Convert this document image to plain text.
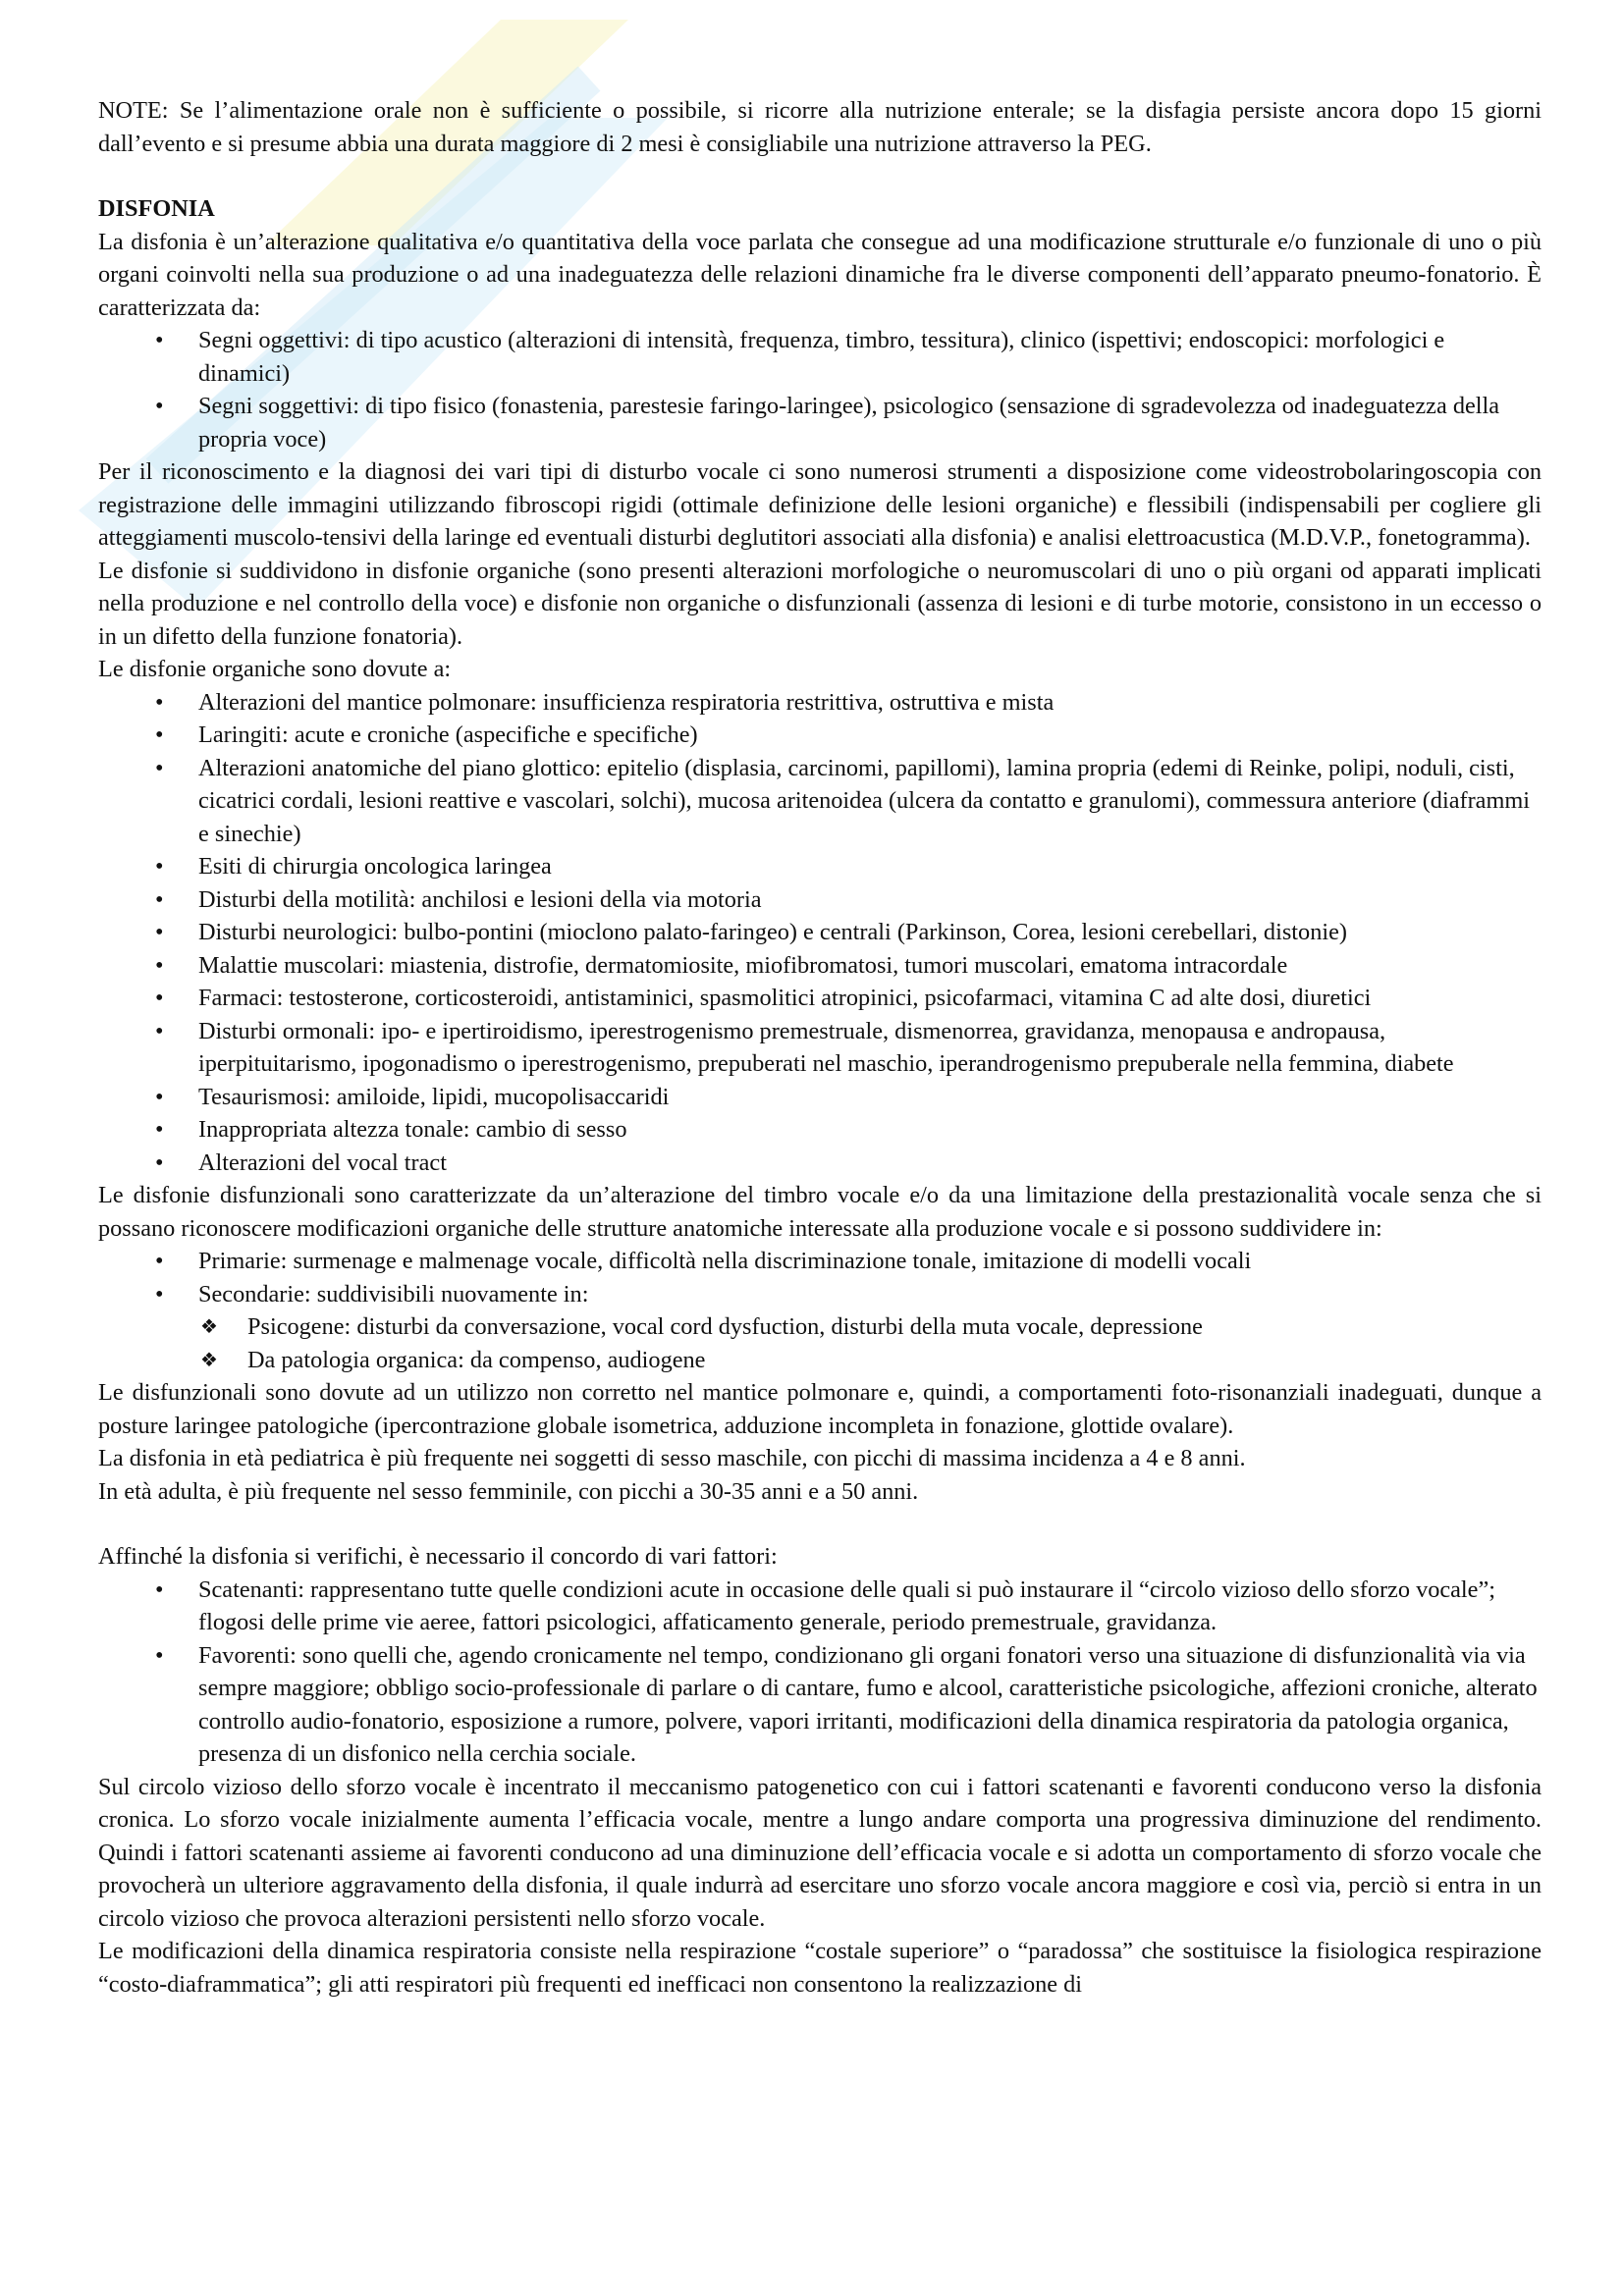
NOTE: Se l’alimentazione orale non è sufficiente o possibile, si ricorre alla nutrizione enterale; se la disfagia persiste ancora dopo 15 giorni dall’evento e si presume abbia una durata maggiore di 2 mesi è consigliabile una nutrizione attraverso la PEG.

DISFONIA

La disfonia è un’alterazione qualitativa e/o quantitativa della voce parlata che consegue ad una modificazione strutturale e/o funzionale di uno o più organi coinvolti nella sua produzione o ad una inadeguatezza delle relazioni dinamiche fra le diverse componenti dell’apparato pneumo-fonatorio. È caratterizzata da:

• Segni oggettivi: di tipo acustico (alterazioni di intensità, frequenza, timbro, tessitura), clinico (ispettivi; endoscopici: morfologici e dinamici)
• Segni soggettivi: di tipo fisico (fonastenia, parestesie faringo-laringee), psicologico (sensazione di sgradevolezza od inadeguatezza della propria voce)

Per il riconoscimento e la diagnosi dei vari tipi di disturbo vocale ci sono numerosi strumenti a disposizione come videostrobolaringoscopia con registrazione delle immagini utilizzando fibroscopi rigidi (ottimale definizione delle lesioni organiche) e flessibili (indispensabili per cogliere gli atteggiamenti muscolo-tensivi della laringe ed eventuali disturbi deglutitori associati alla disfonia) e analisi elettroacustica (M.D.V.P., fonetogramma).

Le disfonie si suddividono in disfonie organiche (sono presenti alterazioni morfologiche o neuromuscolari di uno o più organi od apparati implicati nella produzione e nel controllo della voce) e disfonie non organiche o disfunzionali (assenza di lesioni e di turbe motorie, consistono in un eccesso o in un difetto della funzione fonatoria).

Le disfonie organiche sono dovute a:

• Alterazioni del mantice polmonare: insufficienza respiratoria restrittiva, ostruttiva e mista
• Laringiti: acute e croniche (aspecifiche e specifiche)
• Alterazioni anatomiche del piano glottico: epitelio (displasia, carcinomi, papillomi), lamina propria (edemi di Reinke, polipi, noduli, cisti, cicatrici cordali, lesioni reattive e vascolari, solchi), mucosa aritenoidea (ulcera da contatto e granulomi), commessura anteriore (diaframmi e sinechie)
• Esiti di chirurgia oncologica laringea
• Disturbi della motilità: anchilosi e lesioni della via motoria
• Disturbi neurologici: bulbo-pontini (mioclono palato-faringeo) e centrali (Parkinson, Corea, lesioni cerebellari, distonie)
• Malattie muscolari: miastenia, distrofie, dermatomiosite, miofibromatosi, tumori muscolari, ematoma intracordale
• Farmaci: testosterone, corticosteroidi, antistaminici, spasmolitici atropinici, psicofarmaci, vitamina C ad alte dosi, diuretici
• Disturbi ormonali: ipo- e ipertiroidismo, iperestrogenismo premestruale, dismenorrea, gravidanza, menopausa e andropausa, iperpituitarismo, ipogonadismo o iperestrogenismo, prepuberati nel maschio, iperandrogenismo prepuberale nella femmina, diabete
• Tesaurismosi: amiloide, lipidi, mucopolisaccaridi
• Inappropriata altezza tonale: cambio di sesso
• Alterazioni del vocal tract

Le disfonie disfunzionali sono caratterizzate da un’alterazione del timbro vocale e/o da una limitazione della prestazionalità vocale senza che si possano riconoscere modificazioni organiche delle strutture anatomiche interessate alla produzione vocale e si possono suddividere in:

• Primarie: surmenage e malmenage vocale, difficoltà nella discriminazione tonale, imitazione di modelli vocali
• Secondarie: suddivisibili nuovamente in:
❖ Psicogene: disturbi da conversazione, vocal cord dysfuction, disturbi della muta vocale, depressione
❖ Da patologia organica: da compenso, audiogene

Le disfunzionali sono dovute ad un utilizzo non corretto nel mantice polmonare e, quindi, a comportamenti foto-risonanziali inadeguati, dunque a posture laringee patologiche (ipercontrazione globale isometrica, adduzione incompleta in fonazione, glottide ovalare).

La disfonia in età pediatrica è più frequente nei soggetti di sesso maschile, con picchi di massima incidenza a 4 e 8 anni.

In età adulta, è più frequente nel sesso femminile, con picchi a 30-35 anni e a 50 anni.

Affinché la disfonia si verifichi, è necessario il concordo di vari fattori:

• Scatenanti: rappresentano tutte quelle condizioni acute in occasione delle quali si può instaurare il “circolo vizioso dello sforzo vocale”; flogosi delle prime vie aeree, fattori psicologici, affaticamento generale, periodo premestruale, gravidanza.
• Favorenti: sono quelli che, agendo cronicamente nel tempo, condizionano gli organi fonatori verso una situazione di disfunzionalità via via sempre maggiore; obbligo socio-professionale di parlare o di cantare, fumo e alcool, caratteristiche psicologiche, affezioni croniche, alterato controllo audio-fonatorio, esposizione a rumore, polvere, vapori irritanti, modificazioni della dinamica respiratoria da patologia organica, presenza di un disfonico nella cerchia sociale.

Sul circolo vizioso dello sforzo vocale è incentrato il meccanismo patogenetico con cui i fattori scatenanti e favorenti conducono verso la disfonia cronica. Lo sforzo vocale inizialmente aumenta l’efficacia vocale, mentre a lungo andare comporta una progressiva diminuzione del rendimento. Quindi i fattori scatenanti assieme ai favorenti conducono ad una diminuzione dell’efficacia vocale e si adotta un comportamento di sforzo vocale che provocherà un ulteriore aggravamento della disfonia, il quale indurrà ad esercitare uno sforzo vocale ancora maggiore e così via, perciò si entra in un circolo vizioso che provoca alterazioni persistenti nello sforzo vocale.

Le modificazioni della dinamica respiratoria consiste nella respirazione “costale superiore” o “paradossa” che sostituisce la fisiologica respirazione “costo-diaframmatica”; gli atti respiratori più frequenti ed inefficaci non consentono la realizzazione di
